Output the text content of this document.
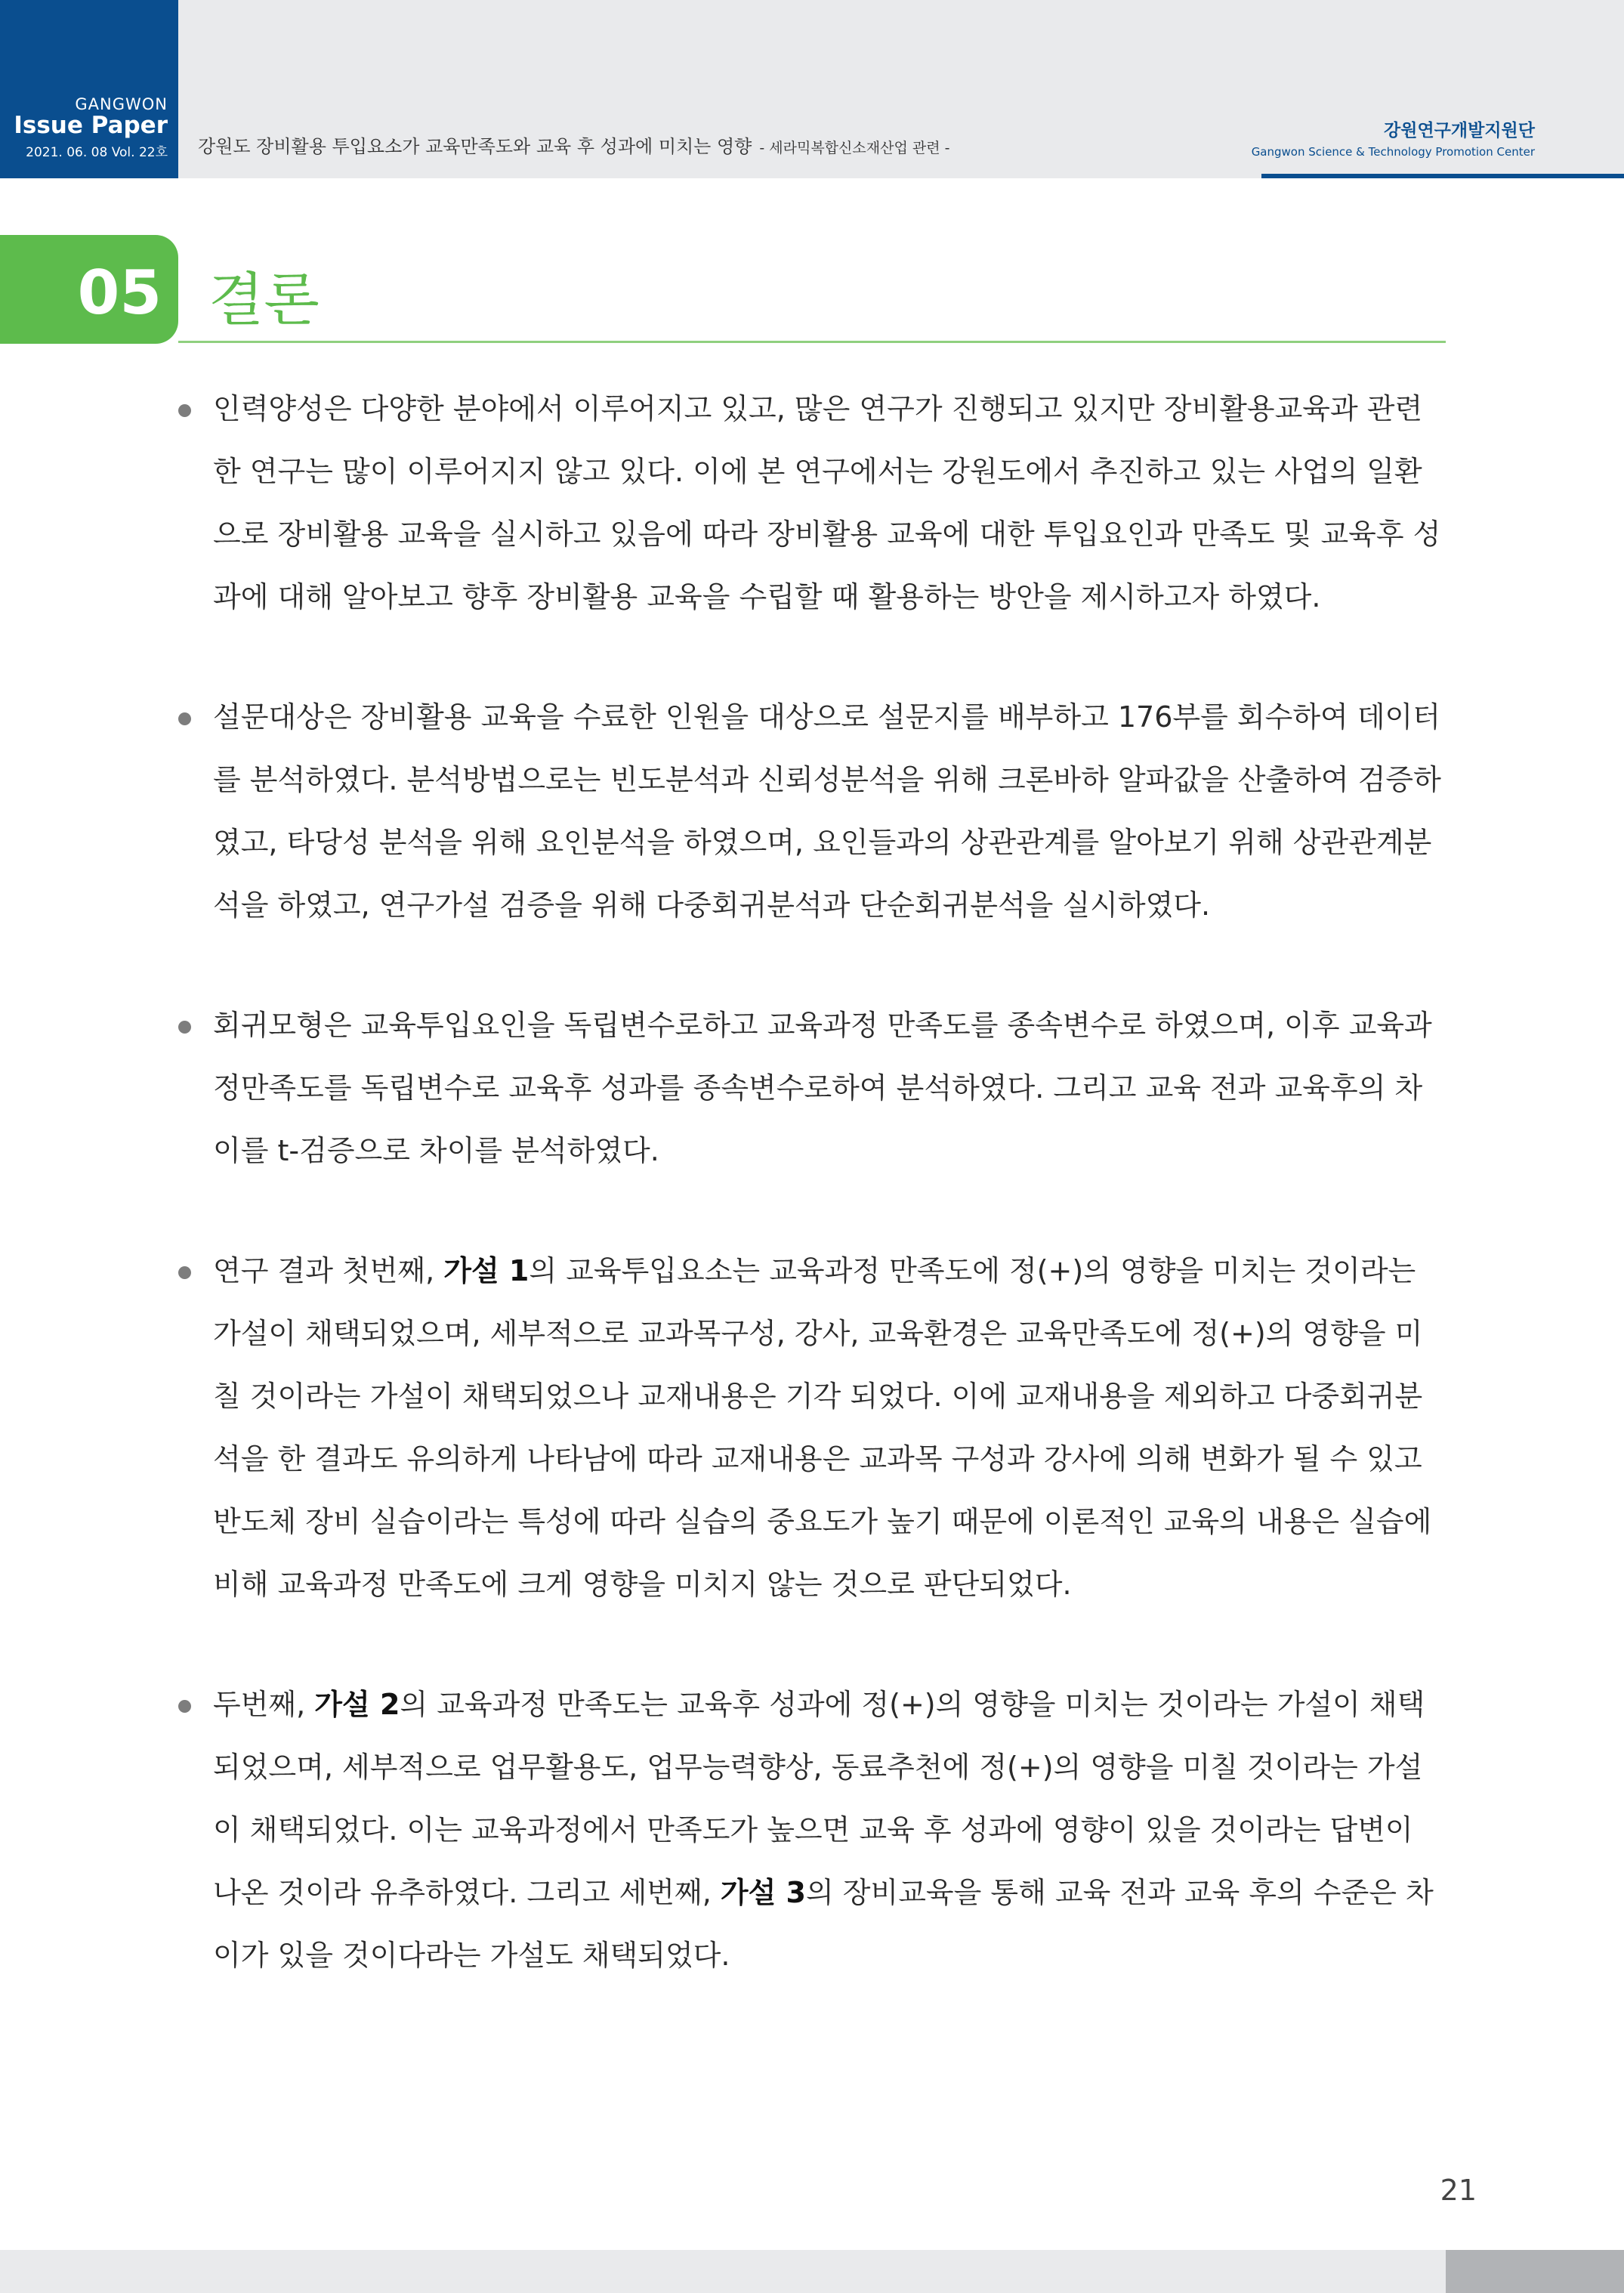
GANGWON
Issue Paper
2021. 06. 08 Vol. 22호 강원도 장비활용 투입요소가 교육만족도와 교육 후 성과에 미치는 영향 - 세라믹복합신소재산업 관련 -
강원연구개발지원단
Gangwon Science & Technology Promotion Center
05 결론
인력양성은 다양한 분야에서 이루어지고 있고, 많은 연구가 진행되고 있지만 장비활용교육과 관련한 연구는 많이 이루어지지 않고 있다. 이에 본 연구에서는 강원도에서 추진하고 있는 사업의 일환으로 장비활용 교육을 실시하고 있음에 따라 장비활용 교육에 대한 투입요인과 만족도 및 교육후 성과에 대해 알아보고 향후 장비활용 교육을 수립할 때 활용하는 방안을 제시하고자 하였다.
설문대상은 장비활용 교육을 수료한 인원을 대상으로 설문지를 배부하고 176부를 회수하여 데이터를 분석하였다. 분석방법으로는 빈도분석과 신뢰성분석을 위해 크론바하 알파값을 산출하여 검증하였고, 타당성 분석을 위해 요인분석을 하였으며, 요인들과의 상관관계를 알아보기 위해 상관관계분석을 하였고, 연구가설 검증을 위해 다중회귀분석과 단순회귀분석을 실시하였다.
회귀모형은 교육투입요인을 독립변수로하고 교육과정 만족도를 종속변수로 하였으며, 이후 교육과정만족도를 독립변수로 교육후 성과를 종속변수로하여 분석하였다. 그리고 교육 전과 교육후의 차이를 t-검증으로 차이를 분석하였다.
연구 결과 첫번째, 가설 1의 교육투입요소는 교육과정 만족도에 정(+)의 영향을 미치는 것이라는 가설이 채택되었으며, 세부적으로 교과목구성, 강사, 교육환경은 교육만족도에 정(+)의 영향을 미칠 것이라는 가설이 채택되었으나 교재내용은 기각 되었다. 이에 교재내용을 제외하고 다중회귀분석을 한 결과도 유의하게 나타남에 따라 교재내용은 교과목 구성과 강사에 의해 변화가 될 수 있고 반도체 장비 실습이라는 특성에 따라 실습의 중요도가 높기 때문에 이론적인 교육의 내용은 실습에 비해 교육과정 만족도에 크게 영향을 미치지 않는 것으로 판단되었다.
두번째, 가설 2의 교육과정 만족도는 교육후 성과에 정(+)의 영향을 미치는 것이라는 가설이 채택되었으며, 세부적으로 업무활용도, 업무능력향상, 동료추천에 정(+)의 영향을 미칠 것이라는 가설이 채택되었다. 이는 교육과정에서 만족도가 높으면 교육 후 성과에 영향이 있을 것이라는 답변이 나온 것이라 유추하였다. 그리고 세번째, 가설 3의 장비교육을 통해 교육 전과 교육 후의 수준은 차이가 있을 것이다라는 가설도 채택되었다.
21
